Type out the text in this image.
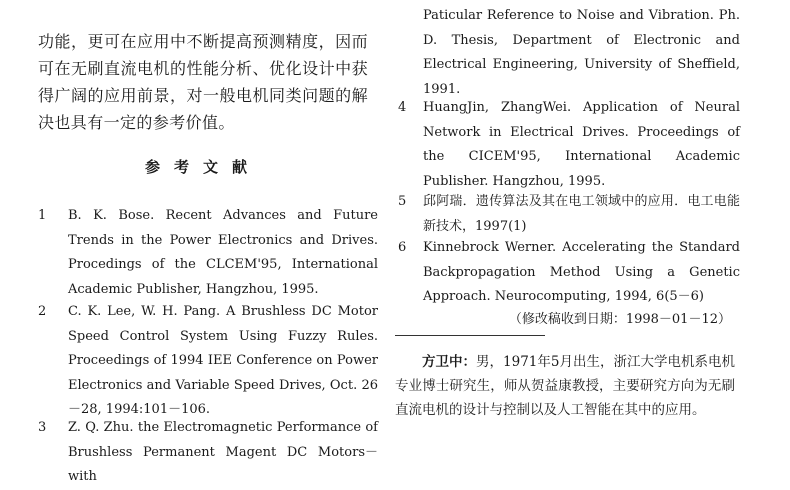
功能，更可在应用中不断提高预测精度，因而可在无刷直流电机的性能分析、优化设计中获得广阔的应用前景，对一般电机同类问题的解决也具有一定的参考价值。
参考文献
1	B. K. Bose. Recent Advances and Future Trends in the Power Electronics and Drives. Procedings of the CLCEM'95, International Academic Publisher, Hangzhou, 1995.
2	C. K. Lee, W. H. Pang. A Brushless DC Motor Speed Control System Using Fuzzy Rules. Proceedings of 1994 IEE Conference on Power Electronics and Variable Speed Drives, Oct. 26－28, 1994:101－106.
3	Z. Q. Zhu. the Electromagnetic Performance of Brushless Permanent Magent DC Motors－with
Paticular Reference to Noise and Vibration. Ph. D. Thesis, Department of Electronic and Electrical Engineering, University of Sheffield, 1991.
4	HuangJin, ZhangWei. Application of Neural Network in Electrical Drives. Proceedings of the CICEM'95, International Academic Publisher. Hangzhou, 1995.
5	邱阿瑞．遗传算法及其在电工领域中的应用．电工电能新技术，1997(1)
6	Kinnebrock Werner. Accelerating the Standard Backpropagation Method Using a Genetic Approach. Neurocomputing, 1994, 6(5－6)
（修改稿收到日期：1998－01－12）
方卫中：男，1971年5月出生，浙江大学电机系电机专业博士研究生，师从贺益康教授，主要研究方向为无刷直流电机的设计与控制以及人工智能在其中的应用。
